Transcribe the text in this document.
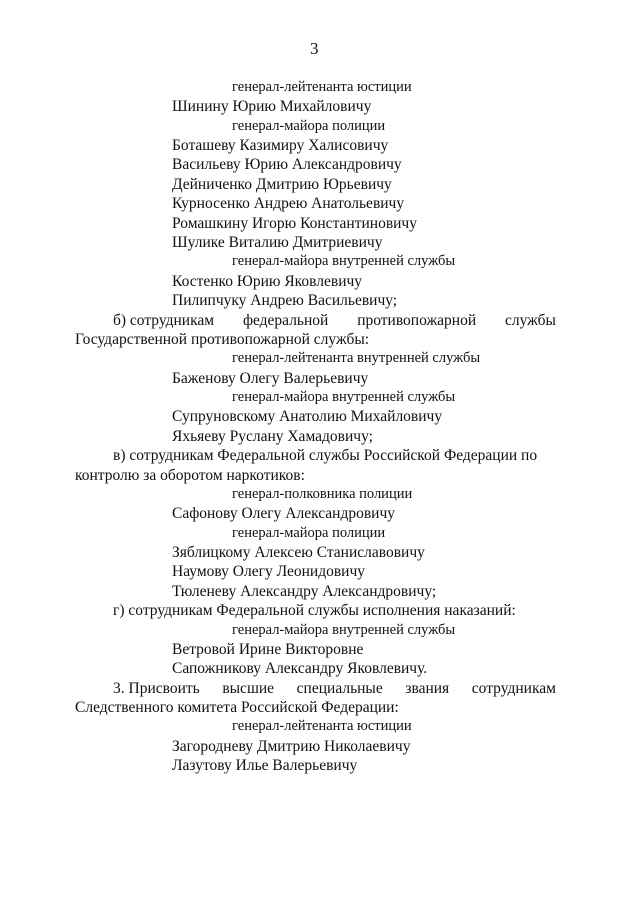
3
генерал-лейтенанта юстиции
Шинину Юрию Михайловичу
генерал-майора полиции
Боташеву Казимиру Халисовичу
Васильеву Юрию Александровичу
Дейниченко Дмитрию Юрьевичу
Курносенко Андрею Анатольевичу
Ромашкину Игорю Константиновичу
Шулике Виталию Дмитриевичу
генерал-майора внутренней службы
Костенко Юрию Яковлевичу
Пилипчуку Андрею Васильевичу;
б) сотрудникам федеральной противопожарной службы
Государственной противопожарной службы:
генерал-лейтенанта внутренней службы
Баженову Олегу Валерьевичу
генерал-майора внутренней службы
Супруновскому Анатолию Михайловичу
Яхьяеву Руслану Хамадовичу;
в) сотрудникам Федеральной службы Российской Федерации по
контролю за оборотом наркотиков:
генерал-полковника полиции
Сафонову Олегу Александровичу
генерал-майора полиции
Зяблицкому Алексею Станиславовичу
Наумову Олегу Леонидовичу
Тюленеву Александру Александровичу;
г) сотрудникам Федеральной службы исполнения наказаний:
генерал-майора внутренней службы
Ветровой Ирине Викторовне
Сапожникову Александру Яковлевичу.
3. Присвоить высшие специальные звания сотрудникам
Следственного комитета Российской Федерации:
генерал-лейтенанта юстиции
Загородневу Дмитрию Николаевичу
Лазутову Илье Валерьевичу
